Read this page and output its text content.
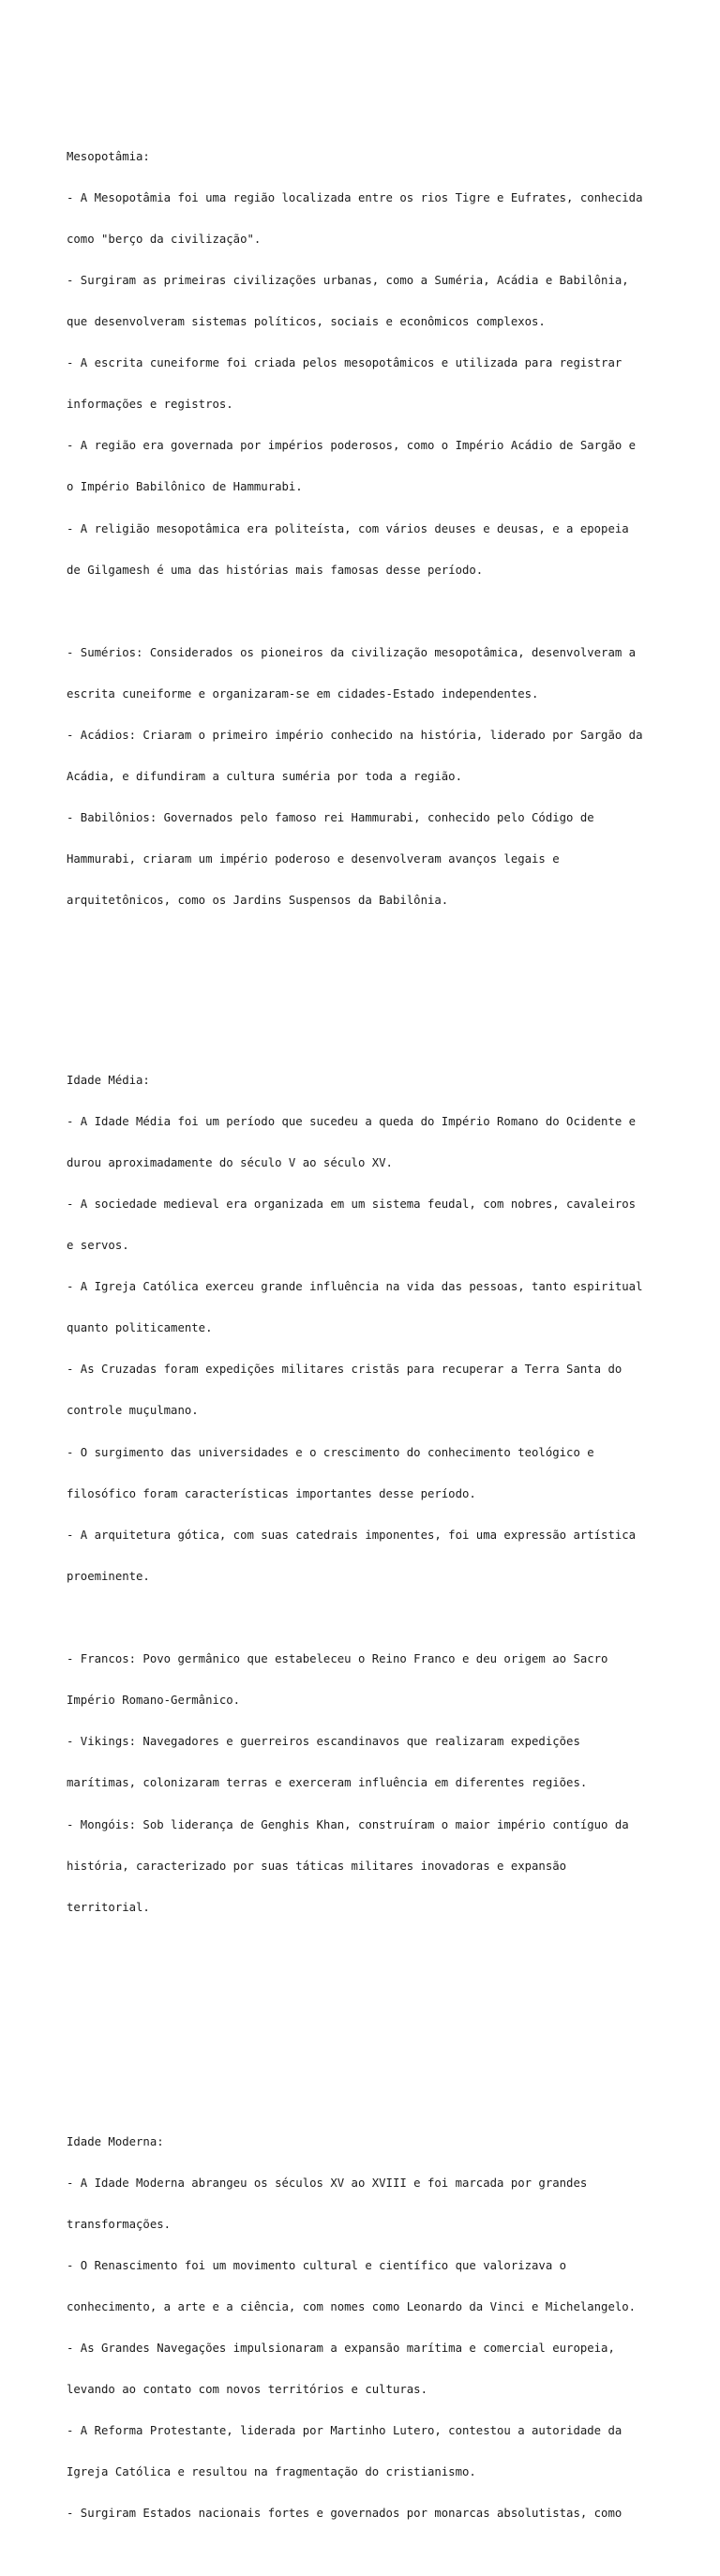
Mesopotâmia:

- A Mesopotâmia foi uma região localizada entre os rios Tigre e Eufrates, conhecida

como "berço da civilização".

- Surgiram as primeiras civilizações urbanas, como a Suméria, Acádia e Babilônia,

que desenvolveram sistemas políticos, sociais e econômicos complexos.

- A escrita cuneiforme foi criada pelos mesopotâmicos e utilizada para registrar

informações e registros.

- A região era governada por impérios poderosos, como o Império Acádio de Sargão e

o Império Babilônico de Hammurabi.

- A religião mesopotâmica era politeísta, com vários deuses e deusas, e a epopeia

de Gilgamesh é uma das histórias mais famosas desse período.

- Sumérios: Considerados os pioneiros da civilização mesopotâmica, desenvolveram a

escrita cuneiforme e organizaram-se em cidades-Estado independentes.

- Acádios: Criaram o primeiro império conhecido na história, liderado por Sargão da

Acádia, e difundiram a cultura suméria por toda a região.

- Babilônios: Governados pelo famoso rei Hammurabi, conhecido pelo Código de

Hammurabi, criaram um império poderoso e desenvolveram avanços legais e

arquitetônicos, como os Jardins Suspensos da Babilônia.

Idade Média:

- A Idade Média foi um período que sucedeu a queda do Império Romano do Ocidente e

durou aproximadamente do século V ao século XV.

- A sociedade medieval era organizada em um sistema feudal, com nobres, cavaleiros

e servos.

- A Igreja Católica exerceu grande influência na vida das pessoas, tanto espiritual

quanto politicamente.

- As Cruzadas foram expedições militares cristãs para recuperar a Terra Santa do

controle muçulmano.

- O surgimento das universidades e o crescimento do conhecimento teológico e

filosófico foram características importantes desse período.

- A arquitetura gótica, com suas catedrais imponentes, foi uma expressão artística

proeminente.

- Francos: Povo germânico que estabeleceu o Reino Franco e deu origem ao Sacro

Império Romano-Germânico.

- Vikings: Navegadores e guerreiros escandinavos que realizaram expedições

marítimas, colonizaram terras e exerceram influência em diferentes regiões.

- Mongóis: Sob liderança de Genghis Khan, construíram o maior império contíguo da

história, caracterizado por suas táticas militares inovadoras e expansão

territorial.

Idade Moderna:

- A Idade Moderna abrangeu os séculos XV ao XVIII e foi marcada por grandes

transformações.

- O Renascimento foi um movimento cultural e científico que valorizava o

conhecimento, a arte e a ciência, com nomes como Leonardo da Vinci e Michelangelo.

- As Grandes Navegações impulsionaram a expansão marítima e comercial europeia,

levando ao contato com novos territórios e culturas.

- A Reforma Protestante, liderada por Martinho Lutero, contestou a autoridade da

Igreja Católica e resultou na fragmentação do cristianismo.

- Surgiram Estados nacionais fortes e governados por monarcas absolutistas, como
